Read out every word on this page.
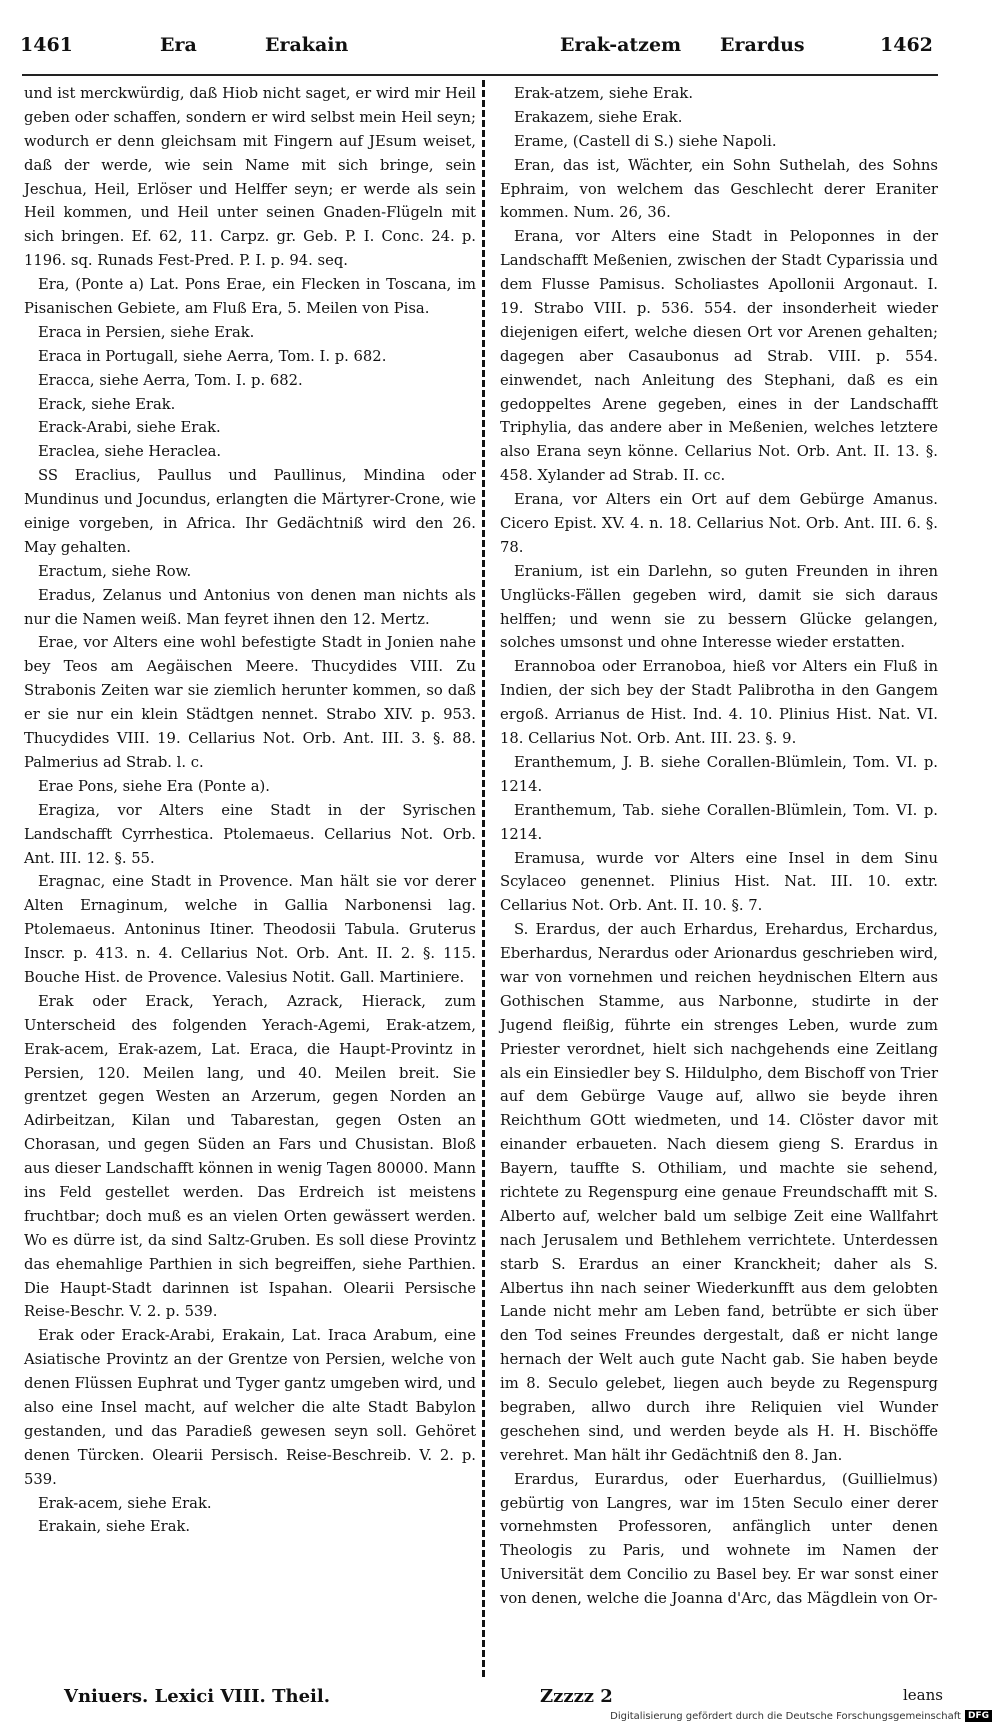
1461	Era	Erakain	Erak-atzem Erardus	1462

und ist merckwürdig, daß Hiob nicht saget, er wird mir Heil geben oder schaffen, sondern er wird selbst mein Heil seyn; wodurch er denn gleichsam mit Fingern auf JEsum weiset, daß der werde, wie sein Name mit sich bringe, sein Jeschua, Heil, Erlöser und Helffer seyn; er werde als sein Heil kommen, und Heil unter seinen Gnaden-Flügeln mit sich bringen. Ef. 62, 11. Carpz. gr. Geb. P. I. Conc. 24. p. 1196. sq. Runads Fest-Pred. P. I. p. 94. seq.

Era, (Ponte a) Lat. Pons Erae, ein Flecken in Toscana, im Pisanischen Gebiete, am Fluß Era, 5. Meilen von Pisa.

Eraca in Persien, siehe Erak.

Eraca in Portugall, siehe Aerra, Tom. I. p. 682.

Eracca, siehe Aerra, Tom. I. p. 682.

Erack, siehe Erak.

Erack-Arabi, siehe Erak.

Eraclea, siehe Heraclea.

SS Eraclius, Paullus und Paullinus, Mindina oder Mundinus und Jocundus, erlangten die Märtyrer-Crone, wie einige vorgeben, in Africa. Ihr Gedächtniß wird den 26. May gehalten.

Eractum, siehe Row.

Eradus, Zelanus und Antonius von denen man nichts als nur die Namen weiß. Man feyret ihnen den 12. Mertz.

Erae, vor Alters eine wohl befestigte Stadt in Jonien nahe bey Teos am Aegäischen Meere. Thucydides VIII. Zu Strabonis Zeiten war sie ziemlich herunter kommen, so daß er sie nur ein klein Städtgen nennet. Strabo XIV. p. 953. Thucydides VIII. 19. Cellarius Not. Orb. Ant. III. 3. §. 88. Palmerius ad Strab. l. c.

Erae Pons, siehe Era (Ponte a).

Eragiza, vor Alters eine Stadt in der Syrischen Landschafft Cyrrhestica. Ptolemaeus. Cellarius Not. Orb. Ant. III. 12. §. 55.

Eragnac, eine Stadt in Provence. Man hält sie vor derer Alten Ernaginum, welche in Gallia Narbonensi lag. Ptolemaeus. Antoninus Itiner. Theodosii Tabula. Gruterus Inscr. p. 413. n. 4. Cellarius Not. Orb. Ant. II. 2. §. 115. Bouche Hist. de Provence. Valesius Notit. Gall. Martiniere.

Erak oder Erack, Yerach, Azrack, Hierack, zum Unterscheid des folgenden Yerach-Agemi, Erak-atzem, Erak-acem, Erak-azem, Lat. Eraca, die Haupt-Provintz in Persien, 120. Meilen lang, und 40. Meilen breit. Sie grentzet gegen Westen an Arzerum, gegen Norden an Adirbeitzan, Kilan und Tabarestan, gegen Osten an Chorasan, und gegen Süden an Fars und Chusistan. Bloß aus dieser Landschafft können in wenig Tagen 80000. Mann ins Feld gestellet werden. Das Erdreich ist meistens fruchtbar; doch muß es an vielen Orten gewässert werden. Wo es dürre ist, da sind Saltz-Gruben. Es soll diese Provintz das ehemahlige Parthien in sich begreiffen, siehe Parthien. Die Haupt-Stadt darinnen ist Ispahan. Olearii Persische Reise-Beschr. V. 2. p. 539.

Erak oder Erack-Arabi, Erakain, Lat. Iraca Arabum, eine Asiatische Provintz an der Grentze von Persien, welche von denen Flüssen Euphrat und Tyger gantz umgeben wird, und also eine Insel macht, auf welcher die alte Stadt Babylon gestanden, und das Paradieß gewesen seyn soll. Gehöret denen Türcken. Olearii Persisch. Reise-Beschreib. V. 2. p. 539.

Erak-acem, siehe Erak.

Erakain, siehe Erak.

Erak-atzem, siehe Erak.

Erakazem, siehe Erak.

Erame, (Castell di S.) siehe Napoli.

Eran, das ist, Wächter, ein Sohn Suthelah, des Sohns Ephraim, von welchem das Geschlecht derer Eraniter kommen. Num. 26, 36.

Erana, vor Alters eine Stadt in Peloponnes in der Landschafft Meßenien, zwischen der Stadt Cyparissia und dem Flusse Pamisus. Scholiastes Apollonii Argonaut. I. 19. Strabo VIII. p. 536. 554. der insonderheit wieder diejenigen eifert, welche diesen Ort vor Arenen gehalten; dagegen aber Casaubonus ad Strab. VIII. p. 554. einwendet, nach Anleitung des Stephani, daß es ein gedoppeltes Arene gegeben, eines in der Landschafft Triphylia, das andere aber in Meßenien, welches letztere also Erana seyn könne. Cellarius Not. Orb. Ant. II. 13. §. 458. Xylander ad Strab. II. cc.

Erana, vor Alters ein Ort auf dem Gebürge Amanus. Cicero Epist. XV. 4. n. 18. Cellarius Not. Orb. Ant. III. 6. §. 78.

Eranium, ist ein Darlehn, so guten Freunden in ihren Unglücks-Fällen gegeben wird, damit sie sich daraus helffen; und wenn sie zu bessern Glücke gelangen, solches umsonst und ohne Interesse wieder erstatten.

Erannoboa oder Erranoboa, hieß vor Alters ein Fluß in Indien, der sich bey der Stadt Palibrotha in den Gangem ergoß. Arrianus de Hist. Ind. 4. 10. Plinius Hist. Nat. VI. 18. Cellarius Not. Orb. Ant. III. 23. §. 9.

Eranthemum, J. B. siehe Corallen-Blümlein, Tom. VI. p. 1214.

Eranthemum, Tab. siehe Corallen-Blümlein, Tom. VI. p. 1214.

Eramusa, wurde vor Alters eine Insel in dem Sinu Scylaceo genennet. Plinius Hist. Nat. III. 10. extr. Cellarius Not. Orb. Ant. II. 10. §. 7.

S. Erardus, der auch Erhardus, Erehardus, Erchardus, Eberhardus, Nerardus oder Arionardus geschrieben wird, war von vornehmen und reichen heydnischen Eltern aus Gothischen Stamme, aus Narbonne, studirte in der Jugend fleißig, führte ein strenges Leben, wurde zum Priester verordnet, hielt sich nachgehends eine Zeitlang als ein Einsiedler bey S. Hildulpho, dem Bischoff von Trier auf dem Gebürge Vauge auf, allwo sie beyde ihren Reichthum GOtt wiedmeten, und 14. Clöster davor mit einander erbaueten. Nach diesem gieng S. Erardus in Bayern, tauffte S. Othiliam, und machte sie sehend, richtete zu Regenspurg eine genaue Freundschafft mit S. Alberto auf, welcher bald um selbige Zeit eine Wallfahrt nach Jerusalem und Bethlehem verrichtete. Unterdessen starb S. Erardus an einer Kranckheit; daher als S. Albertus ihn nach seiner Wiederkunfft aus dem gelobten Lande nicht mehr am Leben fand, betrübte er sich über den Tod seines Freundes dergestalt, daß er nicht lange hernach der Welt auch gute Nacht gab. Sie haben beyde im 8. Seculo gelebet, liegen auch beyde zu Regenspurg begraben, allwo durch ihre Reliquien viel Wunder geschehen sind, und werden beyde als H. H. Bischöffe verehret. Man hält ihr Gedächtniß den 8. Jan.

Erardus, Eurardus, oder Euerhardus, (Guillielmus) gebürtig von Langres, war im 15ten Seculo einer derer vornehmsten Professoren, anfänglich unter denen Theologis zu Paris, und wohnete im Namen der Universität dem Concilio zu Basel bey. Er war sonst einer von denen, welche die Joanna d'Arc, das Mägdlein von Or-

Vniuers. Lexici VIII. Theil.	Zzzzz 2	leans
Digitalisierung gefördert durch die Deutsche Forschungsgemeinschaft DFG
